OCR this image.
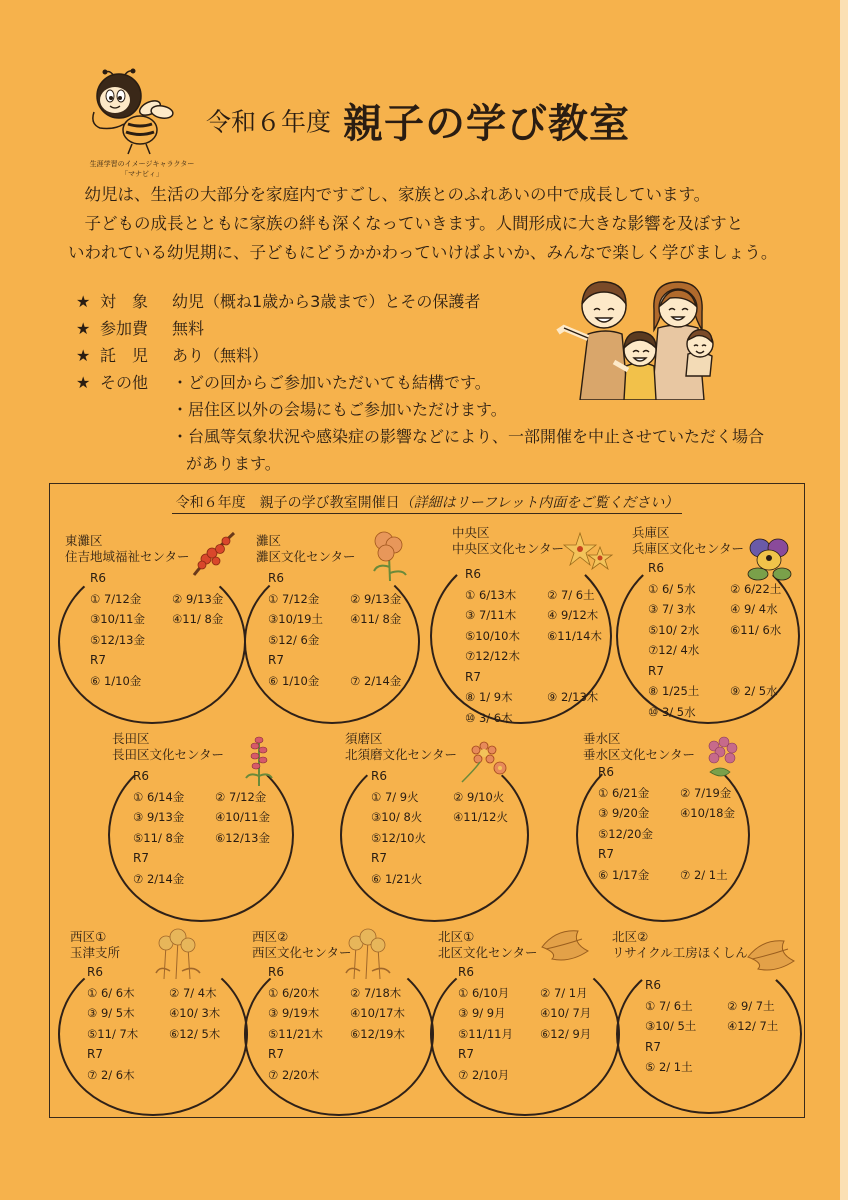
生涯学習のイメージキャラクター
「マナビィ」
令和６年度 親子の学び教室

幼児は、生活の大部分を家庭内ですごし、家族とのふれあいの中で成長しています。

子どもの成長とともに家族の絆も深くなっていきます。人間形成に大きな影響を及ぼすと

いわれている幼児期に、子どもにどうかかわっていけばよいか、みんなで楽しく学びましょう。

★ 対　象	幼児（概ね1歳から3歳まで）とその保護者
★ 参加費	無料
★ 託　児	あり（無料）
★ その他	・どの回からご参加いただいても結構です。
・居住区以外の会場にもご参加いただけます。
・台風等気象状況や感染症の影響などにより、一部開催を中止させていただく場合
があります。
令和６年度　親子の学び教室開催日（詳細はリーフレット内面をご覧ください）
東灘区
住吉地域福祉センター
R6
① 7/12金	② 9/13金
③10/11金	④11/ 8金
⑤12/13金
R7
⑥ 1/10金
灘区
灘区文化センター
R6
① 7/12金	② 9/13金
③10/19土	④11/ 8金
⑤12/ 6金
R7
⑥ 1/10金	⑦ 2/14金
中央区
中央区文化センター
R6
① 6/13木	② 7/ 6土
③ 7/11木	④ 9/12木
⑤10/10木	⑥11/14木
⑦12/12木
R7
⑧ 1/ 9木	⑨ 2/13木
⑩ 3/ 6木
兵庫区
兵庫区文化センター
R6
① 6/ 5水	② 6/22土
③ 7/ 3水	④ 9/ 4水
⑤10/ 2水	⑥11/ 6水
⑦12/ 4水
R7
⑧ 1/25土	⑨ 2/ 5水
⑩ 3/ 5水
長田区
長田区文化センター
R6
① 6/14金	② 7/12金
③ 9/13金	④10/11金
⑤11/ 8金	⑥12/13金
R7
⑦ 2/14金
須磨区
北須磨文化センター
R6
① 7/ 9火	② 9/10火
③10/ 8火	④11/12火
⑤12/10火
R7
⑥ 1/21火
垂水区
垂水区文化センター
R6
① 6/21金	② 7/19金
③ 9/20金	④10/18金
⑤12/20金
R7
⑥ 1/17金	⑦ 2/ 1土
西区①
玉津支所
R6
① 6/ 6木	② 7/ 4木
③ 9/ 5木	④10/ 3木
⑤11/ 7木	⑥12/ 5木
R7
⑦ 2/ 6木
西区②
西区文化センター
R6
① 6/20木	② 7/18木
③ 9/19木	④10/17木
⑤11/21木	⑥12/19木
R7
⑦ 2/20木
北区①
北区文化センター
R6
① 6/10月	② 7/ 1月
③ 9/ 9月	④10/ 7月
⑤11/11月	⑥12/ 9月
R7
⑦ 2/10月
北区②
リサイクル工房ほくしん
R6
① 7/ 6土	② 9/ 7土
③10/ 5土	④12/ 7土
R7
⑤ 2/ 1土
